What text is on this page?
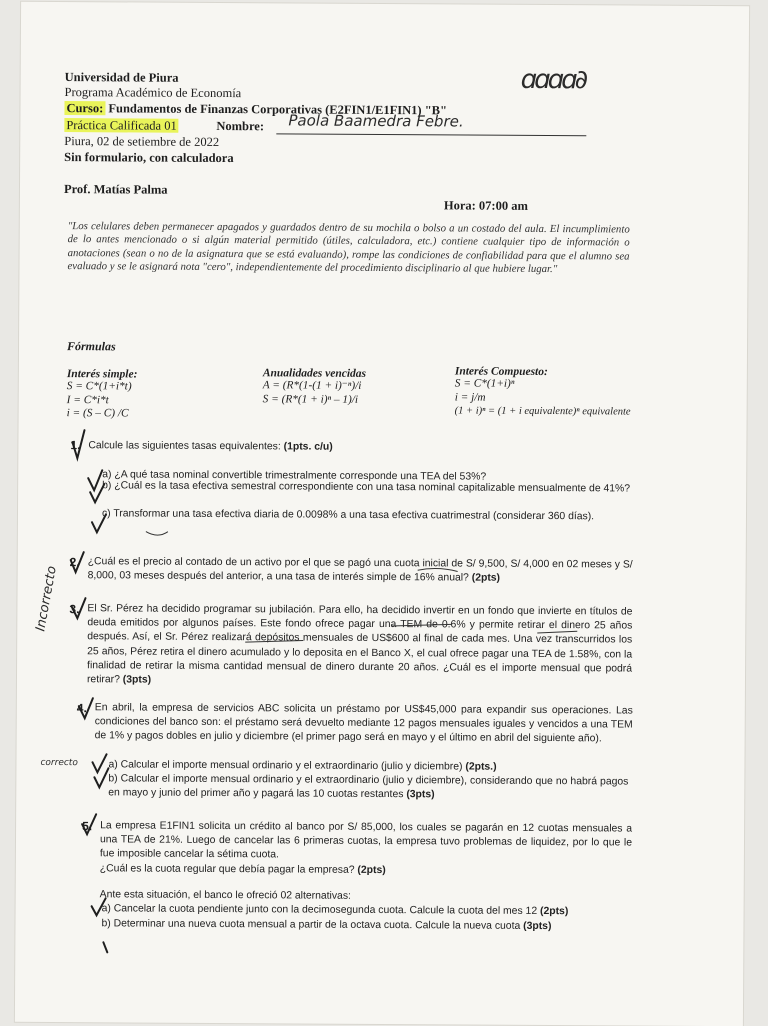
ɑɑɑɑ∂
Universidad de Piura
Programa Académico de Economía
Curso: Fundamentos de Finanzas Corporativas (E2FIN1/E1FIN1) "B"
Práctica Calificada 01	Nombre: Paola Baamedra Febre.
Piura, 02 de setiembre de 2022
Sin formulario, con calculadora
Prof. Matías Palma
Hora: 07:00 am
"Los celulares deben permanecer apagados y guardados dentro de su mochila o bolso a un costado del aula. El incumplimiento de lo antes mencionado o si algún material permitido (útiles, calculadora, etc.) contiene cualquier tipo de información o anotaciones (sean o no de la asignatura que se está evaluando), rompe las condiciones de confiabilidad para que el alumno sea evaluado y se le asignará nota "cero", independientemente del procedimiento disciplinario al que hubiere lugar."
Fórmulas
Interés simple:
S = C*(1+i*t)
I = C*i*t
i = (S – C) /C
Anualidades vencidas
A = (R*(1-(1 + i)⁻ⁿ)/i
S = (R*(1 + i)ⁿ – 1)/i
Interés Compuesto:
S = C*(1+i)ⁿ
i = j/m
(1 + i)ⁿ = (1 + i equivalente)ⁿ equivalente
1. Calcule las siguientes tasas equivalentes: (1pts. c/u)
a) ¿A qué tasa nominal convertible trimestralmente corresponde una TEA del 53%?
b) ¿Cuál es la tasa efectiva semestral correspondiente con una tasa nominal capitalizable mensualmente de 41%?
c) Transformar una tasa efectiva diaria de 0.0098% a una tasa efectiva cuatrimestral (considerar 360 días).
2. ¿Cuál es el precio al contado de un activo por el que se pagó una cuota inicial de S/ 9,500, S/ 4,000 en 02 meses y S/ 8,000, 03 meses después del anterior, a una tasa de interés simple de 16% anual? (2pts)
Incorrecto 3. El Sr. Pérez ha decidido programar su jubilación. Para ello, ha decidido invertir en un fondo que invierte en títulos de deuda emitidos por algunos países. Este fondo ofrece pagar una TEM de 0.6% y permite retirar el dinero 25 años después. Así, el Sr. Pérez realizará depósitos mensuales de US$600 al final de cada mes. Una vez transcurridos los 25 años, Pérez retira el dinero acumulado y lo deposita en el Banco X, el cual ofrece pagar una TEA de 1.58%, con la finalidad de retirar la misma cantidad mensual de dinero durante 20 años. ¿Cuál es el importe mensual que podrá retirar? (3pts)
4. En abril, la empresa de servicios ABC solicita un préstamo por US$45,000 para expandir sus operaciones. Las condiciones del banco son: el préstamo será devuelto mediante 12 pagos mensuales iguales y vencidos a una TEM de 1% y pagos dobles en julio y diciembre (el primer pago será en mayo y el último en abril del siguiente año).
correcto	a) Calcular el importe mensual ordinario y el extraordinario (julio y diciembre) (2pts.)
b) Calcular el importe mensual ordinario y el extraordinario (julio y diciembre), considerando que no habrá pagos en mayo y junio del primer año y pagará las 10 cuotas restantes (3pts)
5. La empresa E1FIN1 solicita un crédito al banco por S/ 85,000, los cuales se pagarán en 12 cuotas mensuales a una TEA de 21%. Luego de cancelar las 6 primeras cuotas, la empresa tuvo problemas de liquidez, por lo que le fue imposible cancelar la sétima cuota.
¿Cuál es la cuota regular que debía pagar la empresa? (2pts)
Ante esta situación, el banco le ofreció 02 alternativas:
a) Cancelar la cuota pendiente junto con la decimosegunda cuota. Calcule la cuota del mes 12 (2pts)
b) Determinar una nueva cuota mensual a partir de la octava cuota. Calcule la nueva cuota (3pts)
